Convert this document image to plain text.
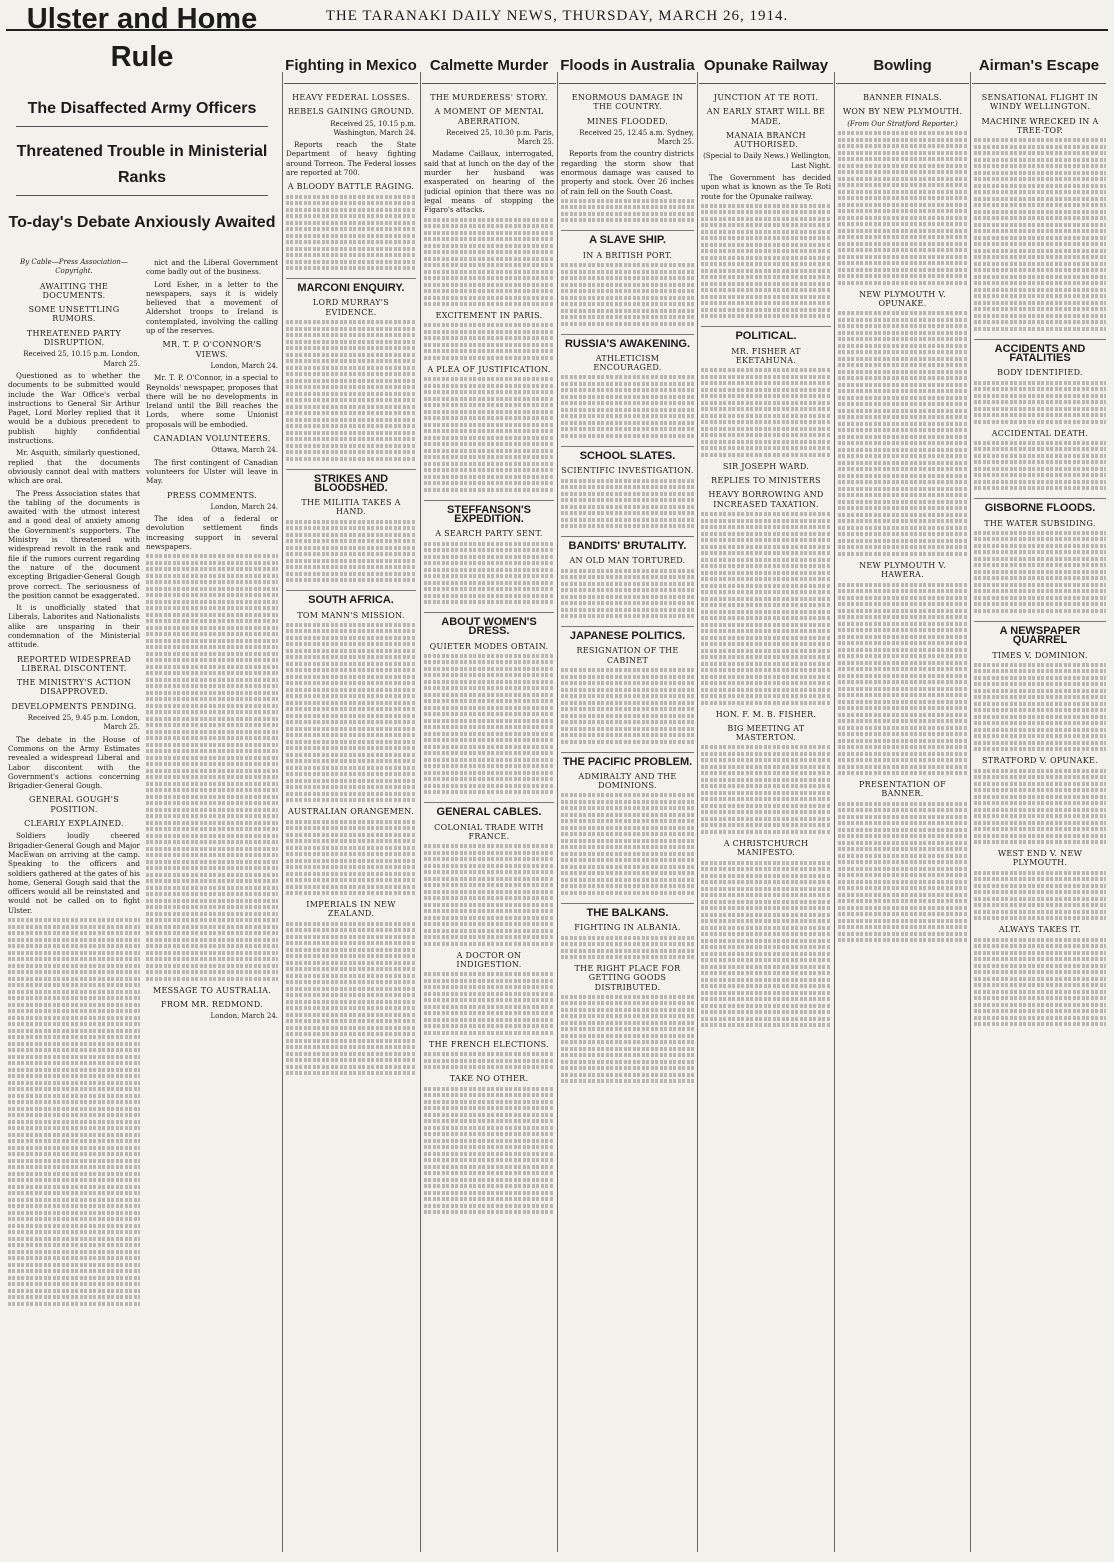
THE TARANAKI DAILY NEWS, THURSDAY, MARCH 26, 1914.
Ulster and Home Rule
The Disaffected Army Officers
Threatened Trouble in Ministerial Ranks
To-day's Debate Anxiously Awaited
Fighting in Mexico Calmette Murder Floods in Australia Opunake Railway	Bowling	Airman's Escape
By Cable—Press Association—Copyright.
AWAITING THE DOCUMENTS.
SOME UNSETTLING RUMORS.
THREATENED PARTY DISRUPTION.
Received 25, 10.15 p.m. London, March 25.

Questioned as to whether the documents to be submitted would include the War Office's verbal instructions to General Sir Arthur Paget, Lord Morley replied that it would be a dubious precedent to publish highly confidential instructions.

Mr. Asquith, similarly questioned, replied that the documents obviously cannot deal with matters which are oral.

The Press Association states that the tabling of the documents is awaited with the utmost interest and a good deal of anxiety among the Government's supporters. The Ministry is threatened with widespread revolt in the rank and file if the rumors current regarding the nature of the document excepting Brigadier-General Gough prove correct. The seriousness of the position cannot be exaggerated.

It is unofficially stated that Liberals, Laborites and Nationalists alike are unsparing in their condemnation of the Ministerial attitude.

REPORTED WIDESPREAD LIBERAL DISCONTENT.
THE MINISTRY'S ACTION DISAPPROVED.
DEVELOPMENTS PENDING.
Received 25, 9.45 p.m. London, March 25.

The debate in the House of Commons on the Army Estimates revealed a widespread Liberal and Labor discontent with the Government's actions concerning Brigadier-General Gough.

GENERAL GOUGH'S POSITION.
CLEARLY EXPLAINED.

Soldiers loudly cheered Brigadier-General Gough and Major MacEwan on arriving at the camp. Speaking to the officers and soldiers gathered at the gates of his home, General Gough said that the officers would all be reinstated and would not be called on to fight Ulster.

nict and the Liberal Government come badly out of the business.

Lord Esher, in a letter to the newspapers, says it is widely believed that a movement of Aldershot troops to Ireland is contemplated, involving the calling up of the reserves.

MR. T. P. O'CONNOR'S VIEWS.
London, March 24.

Mr. T. P. O'Connor, in a special to Reynolds' newspaper, proposes that there will be no developments in Ireland until the Bill reaches the Lords, where some Unionist proposals will be embodied.

CANADIAN VOLUNTEERS.
Ottawa, March 24.

The first contingent of Canadian volunteers for Ulster will leave in May.

PRESS COMMENTS.
London, March 24.

The idea of a federal or devolution settlement finds increasing support in several newspapers.

MESSAGE TO AUSTRALIA.
FROM MR. REDMOND.
London, March 24.
HEAVY FEDERAL LOSSES.
REBELS GAINING GROUND.
Received 25, 10.15 p.m. Washington, March 24.

Reports reach the State Department of heavy fighting around Torreon. The Federal losses are reported at 700.

A BLOODY BATTLE RAGING.
MARCONI ENQUIRY.
LORD MURRAY'S EVIDENCE.
STRIKES AND BLOODSHED.
THE MILITIA TAKES A HAND.
SOUTH AFRICA.
TOM MANN'S MISSION.
AUSTRALIAN ORANGEMEN.
IMPERIALS IN NEW ZEALAND.
THE MURDERESS' STORY.
A MOMENT OF MENTAL ABERRATION.
Received 25, 10.30 p.m. Paris, March 25.

Madame Caillaux, interrogated, said that at lunch on the day of the murder her husband was exasperated on hearing of the judicial opinion that there was no legal means of stopping the Figaro's attacks.

EXCITEMENT IN PARIS.
A PLEA OF JUSTIFICATION.
STEFFANSON'S EXPEDITION.
A SEARCH PARTY SENT.
ABOUT WOMEN'S DRESS.
QUIETER MODES OBTAIN.
GENERAL CABLES.
COLONIAL TRADE WITH FRANCE.
A DOCTOR ON INDIGESTION.
THE FRENCH ELECTIONS.
TAKE NO OTHER.
ENORMOUS DAMAGE IN THE COUNTRY.
MINES FLOODED.
Received 25, 12.45 a.m. Sydney, March 25.

Reports from the country districts regarding the storm show that enormous damage was caused to property and stock. Over 26 inches of rain fell on the South Coast.

A SLAVE SHIP.
IN A BRITISH PORT.
RUSSIA'S AWAKENING.
ATHLETICISM ENCOURAGED.
SCHOOL SLATES.
SCIENTIFIC INVESTIGATION.
BANDITS' BRUTALITY.
AN OLD MAN TORTURED.
JAPANESE POLITICS.
RESIGNATION OF THE CABINET
THE PACIFIC PROBLEM.
ADMIRALTY AND THE DOMINIONS.
THE BALKANS.
FIGHTING IN ALBANIA.
THE RIGHT PLACE FOR GETTING GOODS DISTRIBUTED.
JUNCTION AT TE ROTI.
AN EARLY START WILL BE MADE.
MANAIA BRANCH AUTHORISED.
(Special to Daily News.) Wellington, Last Night.

The Government has decided upon what is known as the Te Roti route for the Opunake railway.

POLITICAL.
MR. FISHER AT EKETAHUNA.
SIR JOSEPH WARD.
REPLIES TO MINISTERS
HEAVY BORROWING AND INCREASED TAXATION.
HON. F. M. B. FISHER.
BIG MEETING AT MASTERTON.
A CHRISTCHURCH MANIFESTO.
BANNER FINALS.
WON BY NEW PLYMOUTH.
(From Our Stratford Reporter.)
NEW PLYMOUTH V. OPUNAKE.
NEW PLYMOUTH V. HAWERA.
PRESENTATION OF BANNER.
SENSATIONAL FLIGHT IN WINDY WELLINGTON.
MACHINE WRECKED IN A TREE-TOP.
ACCIDENTS AND FATALITIES
BODY IDENTIFIED.
ACCIDENTAL DEATH.
GISBORNE FLOODS.
THE WATER SUBSIDING.
A NEWSPAPER QUARREL
TIMES V. DOMINION.
STRATFORD V. OPUNAKE.
WEST END V. NEW PLYMOUTH.
ALWAYS TAKES IT.
